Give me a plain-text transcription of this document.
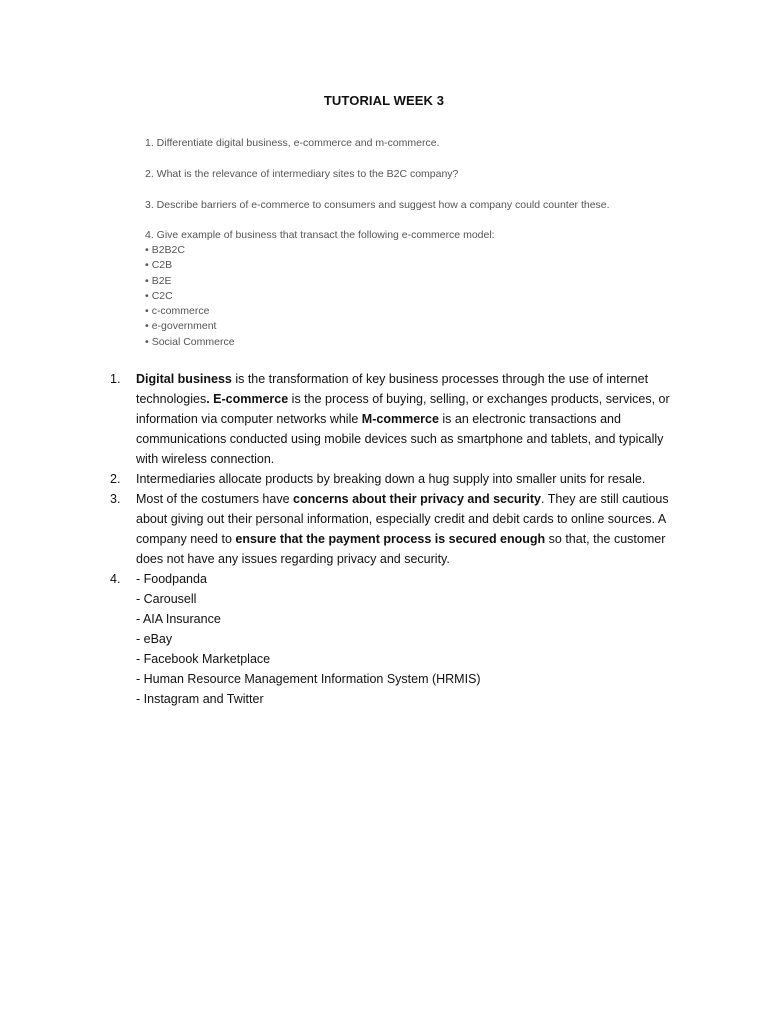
TUTORIAL WEEK 3

1. Differentiate digital business, e-commerce and m-commerce.

2. What is the relevance of intermediary sites to the B2C company?

3. Describe barriers of e-commerce to consumers and suggest how a company could counter these.

4. Give example of business that transact the following e-commerce model:

• B2B2C
• C2B
• B2E
• C2C
• c-commerce
• e-government
• Social Commerce
1. Digital business is the transformation of key business processes through the use of internet technologies. E-commerce is the process of buying, selling, or exchanges products, services, or information via computer networks while M-commerce is an electronic transactions and communications conducted using mobile devices such as smartphone and tablets, and typically with wireless connection.

2. Intermediaries allocate products by breaking down a hug supply into smaller units for resale.

3. Most of the costumers have concerns about their privacy and security. They are still cautious about giving out their personal information, especially credit and debit cards to online sources. A company need to ensure that the payment process is secured enough so that, the customer does not have any issues regarding privacy and security.

4.
-	Foodpanda
- Carousell
- AIA Insurance
- eBay
- Facebook Marketplace
- Human Resource Management Information System (HRMIS)
- Instagram and Twitter
